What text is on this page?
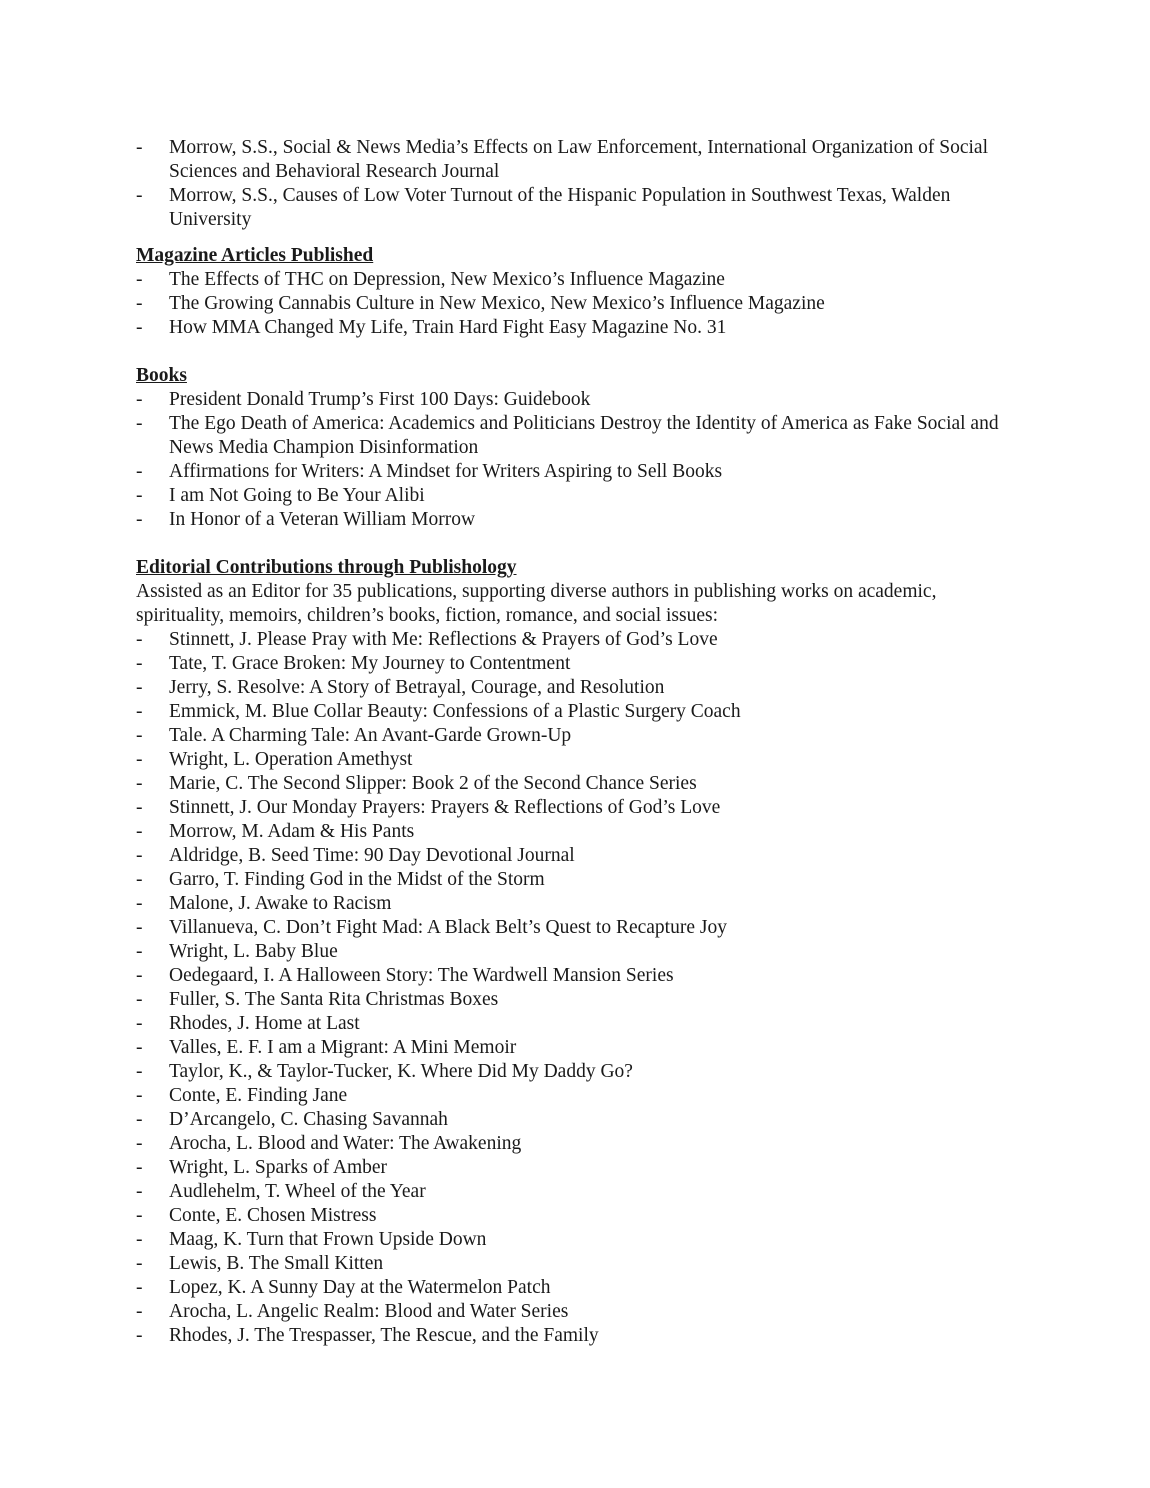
- Morrow, S.S., Social & News Media’s Effects on Law Enforcement, International Organization of Social Sciences and Behavioral Research Journal
- Morrow, S.S., Causes of Low Voter Turnout of the Hispanic Population in Southwest Texas, Walden University

Magazine Articles Published

- The Effects of THC on Depression, New Mexico’s Influence Magazine
- The Growing Cannabis Culture in New Mexico, New Mexico’s Influence Magazine
- How MMA Changed My Life, Train Hard Fight Easy Magazine No. 31

Books

- President Donald Trump’s First 100 Days: Guidebook
- The Ego Death of America: Academics and Politicians Destroy the Identity of America as Fake Social and News Media Champion Disinformation
- Affirmations for Writers: A Mindset for Writers Aspiring to Sell Books
- I am Not Going to Be Your Alibi
- In Honor of a Veteran William Morrow

Editorial Contributions through Publishology

Assisted as an Editor for 35 publications, supporting diverse authors in publishing works on academic, spirituality, memoirs, children’s books, fiction, romance, and social issues:

- Stinnett, J. Please Pray with Me: Reflections & Prayers of God’s Love
- Tate, T. Grace Broken: My Journey to Contentment
- Jerry, S. Resolve: A Story of Betrayal, Courage, and Resolution
- Emmick, M. Blue Collar Beauty: Confessions of a Plastic Surgery Coach
- Tale. A Charming Tale: An Avant-Garde Grown-Up
- Wright, L. Operation Amethyst
- Marie, C. The Second Slipper: Book 2 of the Second Chance Series
- Stinnett, J. Our Monday Prayers: Prayers & Reflections of God’s Love
- Morrow, M. Adam & His Pants
- Aldridge, B. Seed Time: 90 Day Devotional Journal
- Garro, T. Finding God in the Midst of the Storm
- Malone, J. Awake to Racism
- Villanueva, C. Don’t Fight Mad: A Black Belt’s Quest to Recapture Joy
- Wright, L. Baby Blue
- Oedegaard, I. A Halloween Story: The Wardwell Mansion Series
- Fuller, S. The Santa Rita Christmas Boxes
- Rhodes, J. Home at Last
- Valles, E. F. I am a Migrant: A Mini Memoir
- Taylor, K., & Taylor-Tucker, K. Where Did My Daddy Go?
- Conte, E. Finding Jane
- D’Arcangelo, C. Chasing Savannah
- Arocha, L. Blood and Water: The Awakening
- Wright, L. Sparks of Amber
- Audlehelm, T. Wheel of the Year
- Conte, E. Chosen Mistress
- Maag, K. Turn that Frown Upside Down
- Lewis, B. The Small Kitten
- Lopez, K. A Sunny Day at the Watermelon Patch
- Arocha, L. Angelic Realm: Blood and Water Series
- Rhodes, J. The Trespasser, The Rescue, and the Family
